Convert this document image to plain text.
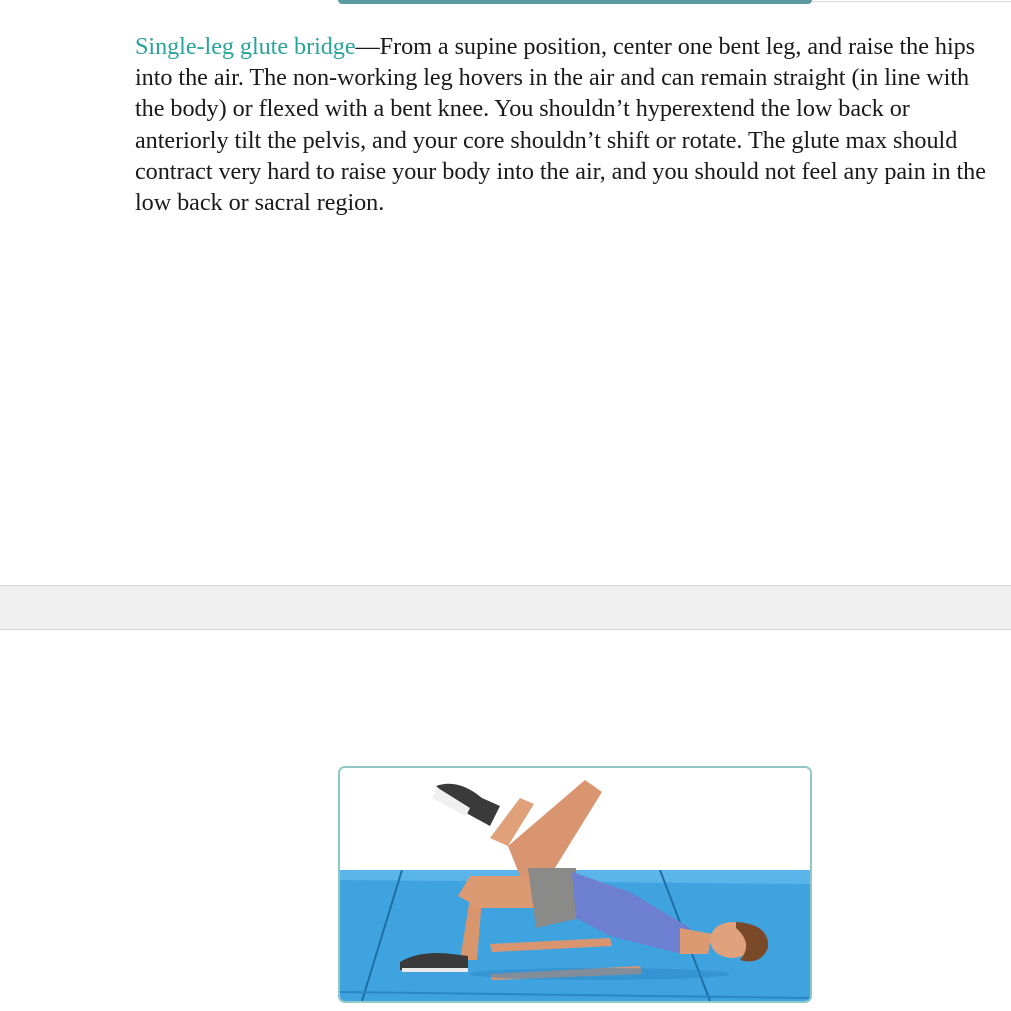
Single-leg glute bridge—From a supine position, center one bent leg, and raise the hips into the air. The non-working leg hovers in the air and can remain straight (in line with the body) or flexed with a bent knee. You shouldn’t hyperextend the low back or anteriorly tilt the pelvis, and your core shouldn’t shift or rotate. The glute max should contract very hard to raise your body into the air, and you should not feel any pain in the low back or sacral region.
